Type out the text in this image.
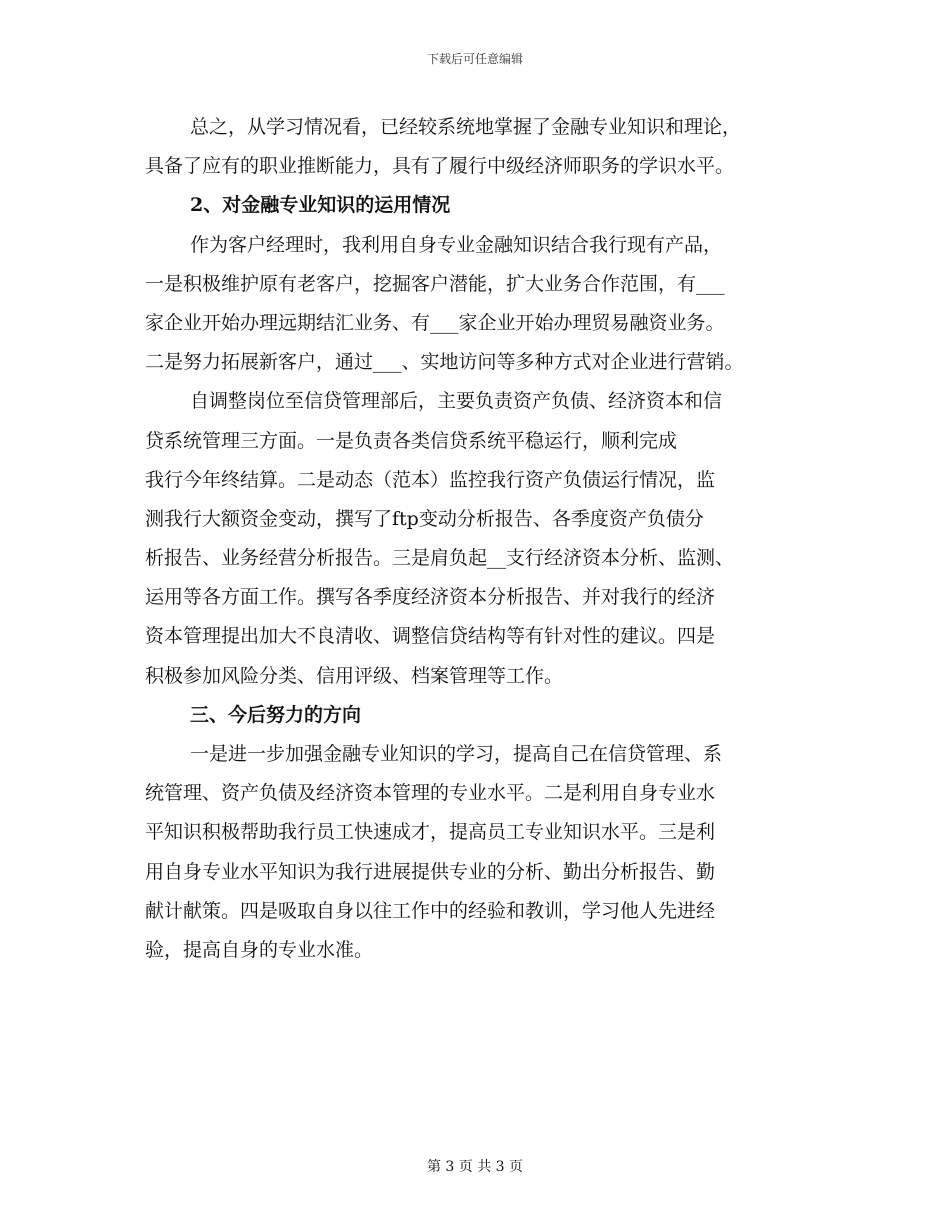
下载后可任意编辑
总之，从学习情况看，已经较系统地掌握了金融专业知识和理论，
具备了应有的职业推断能力，具有了履行中级经济师职务的学识水平。
2、对金融专业知识的运用情况
作为客户经理时，我利用自身专业金融知识结合我行现有产品，
一是积极维护原有老客户，挖掘客户潜能，扩大业务合作范围，有___
家企业开始办理远期结汇业务、有___家企业开始办理贸易融资业务。
二是努力拓展新客户，通过___、实地访问等多种方式对企业进行营销。
自调整岗位至信贷管理部后，主要负责资产负债、经济资本和信
贷系统管理三方面。一是负责各类信贷系统平稳运行，顺利完成
我行今年终结算。二是动态（范本）监控我行资产负债运行情况，监
测我行大额资金变动，撰写了ftp变动分析报告、各季度资产负债分
析报告、业务经营分析报告。三是肩负起__支行经济资本分析、监测、
运用等各方面工作。撰写各季度经济资本分析报告、并对我行的经济
资本管理提出加大不良清收、调整信贷结构等有针对性的建议。四是
积极参加风险分类、信用评级、档案管理等工作。
三、今后努力的方向
一是进一步加强金融专业知识的学习，提高自己在信贷管理、系
统管理、资产负债及经济资本管理的专业水平。二是利用自身专业水
平知识积极帮助我行员工快速成才，提高员工专业知识水平。三是利
用自身专业水平知识为我行进展提供专业的分析、勤出分析报告、勤
献计献策。四是吸取自身以往工作中的经验和教训，学习他人先进经
验，提高自身的专业水准。
第 3 页 共 3 页
